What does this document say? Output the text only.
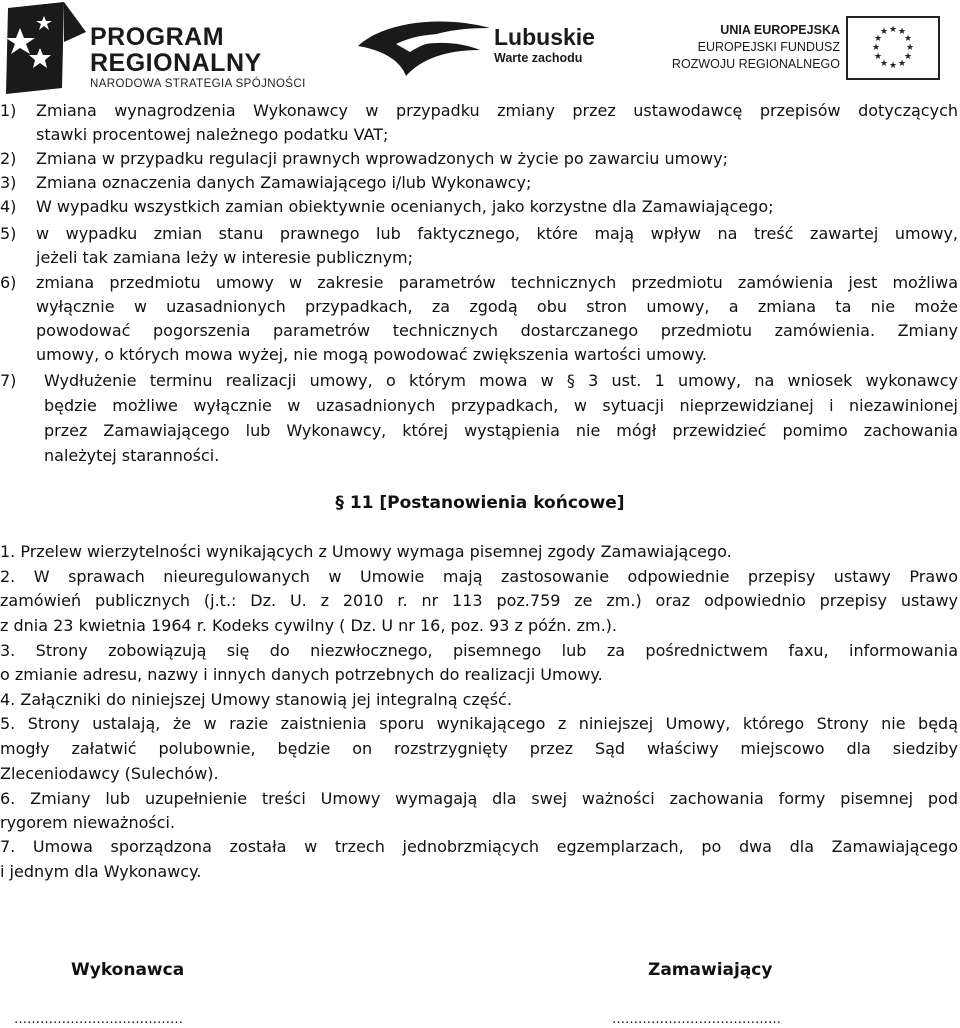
PROGRAM
REGIONALNY
NARODOWA STRATEGIA SPÓJNOŚCI
Lubuskie
Warte zachodu
UNIA EUROPEJSKA
EUROPEJSKI FUNDUSZ
ROZWOJU REGIONALNEGO
★ ★
★
★
★
★
★
★
★
★
★
★
1) Zmiana wynagrodzenia Wykonawcy w przypadku zmiany przez ustawodawcę przepisów dotyczących
stawki procentowej należnego podatku VAT;
2) Zmiana w przypadku regulacji prawnych wprowadzonych w życie po zawarciu umowy;
3) Zmiana oznaczenia danych Zamawiającego i/lub Wykonawcy;
4) W wypadku wszystkich zamian obiektywnie ocenianych, jako korzystne dla Zamawiającego;
5) w wypadku zmian stanu prawnego lub faktycznego, które mają wpływ na treść zawartej umowy,
jeżeli tak zamiana leży w interesie publicznym;
6) zmiana przedmiotu umowy w zakresie parametrów technicznych przedmiotu zamówienia jest możliwa
wyłącznie w uzasadnionych przypadkach, za zgodą obu stron umowy, a zmiana ta nie może
powodować pogorszenia parametrów technicznych dostarczanego przedmiotu zamówienia. Zmiany
umowy, o których mowa wyżej, nie mogą powodować zwiększenia wartości umowy.
7) Wydłużenie terminu realizacji umowy, o którym mowa w § 3 ust. 1 umowy, na wniosek wykonawcy
będzie możliwe wyłącznie w uzasadnionych przypadkach, w sytuacji nieprzewidzianej i niezawinionej
przez Zamawiającego lub Wykonawcy, której wystąpienia nie mógł przewidzieć pomimo zachowania
należytej staranności.
§ 11 [Postanowienia końcowe]
1. Przelew wierzytelności wynikających z Umowy wymaga pisemnej zgody Zamawiającego.
2. W sprawach nieuregulowanych w Umowie mają zastosowanie odpowiednie przepisy ustawy Prawo
zamówień publicznych (j.t.: Dz. U. z 2010 r. nr 113 poz.759 ze zm.) oraz odpowiednio przepisy ustawy
z dnia 23 kwietnia 1964 r. Kodeks cywilny ( Dz. U nr 16, poz. 93 z późn. zm.).
3. Strony zobowiązują się do niezwłocznego, pisemnego lub za pośrednictwem faxu, informowania
o zmianie adresu, nazwy i innych danych potrzebnych do realizacji Umowy.
4. Załączniki do niniejszej Umowy stanowią jej integralną część.
5. Strony ustalają, że w razie zaistnienia sporu wynikającego z niniejszej Umowy, którego Strony nie będą
mogły załatwić polubownie, będzie on rozstrzygnięty przez Sąd właściwy miejscowo dla siedziby
Zleceniodawcy (Sulechów).
6. Zmiany lub uzupełnienie treści Umowy wymagają dla swej ważności zachowania formy pisemnej pod
rygorem nieważności.
7. Umowa sporządzona została w trzech jednobrzmiących egzemplarzach, po dwa dla Zamawiającego
i jednym dla Wykonawcy.
Wykonawca	Zamawiający
…………………………………	…………………………………
